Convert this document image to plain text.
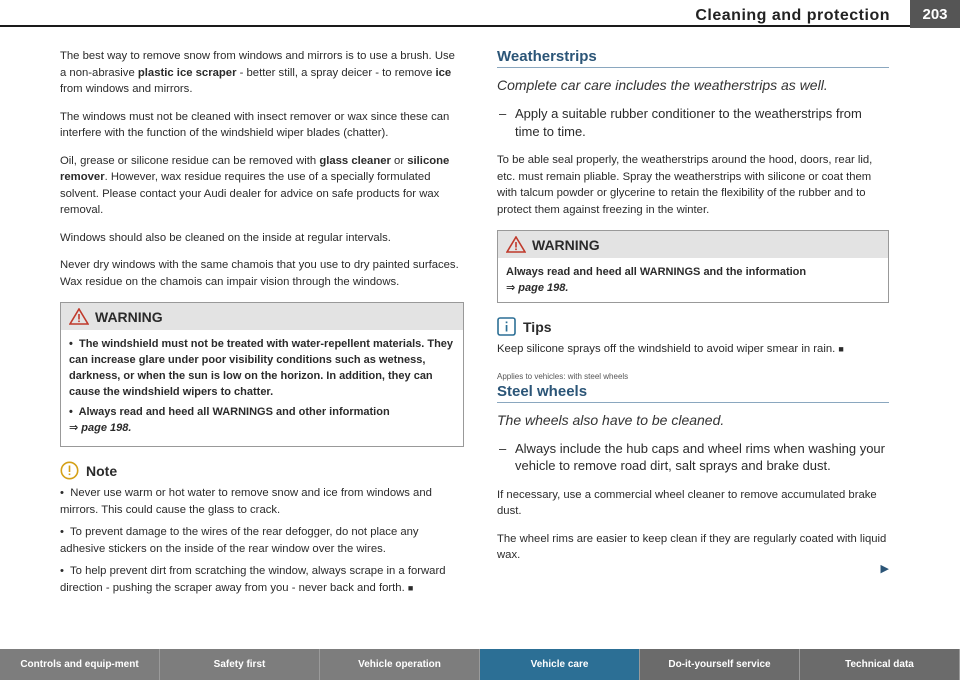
Cleaning and protection	203

The best way to remove snow from windows and mirrors is to use a brush. Use a non-abrasive plastic ice scraper - better still, a spray deicer - to remove ice from windows and mirrors.

The windows must not be cleaned with insect remover or wax since these can interfere with the function of the windshield wiper blades (chatter).

Oil, grease or silicone residue can be removed with glass cleaner or silicone remover. However, wax residue requires the use of a specially formulated solvent. Please contact your Audi dealer for advice on safe products for wax removal.

Windows should also be cleaned on the inside at regular intervals.

Never dry windows with the same chamois that you use to dry painted surfaces. Wax residue on the chamois can impair vision through the windows.

WARNING
•  The windshield must not be treated with water-repellent materials. They can increase glare under poor visibility conditions such as wetness, darkness, or when the sun is low on the horizon. In addition, they can cause the windshield wipers to chatter.
•  Always read and heed all WARNINGS and other information
⇒ page 198.
Note
•  Never use warm or hot water to remove snow and ice from windows and mirrors. This could cause the glass to crack.
•  To prevent damage to the wires of the rear defogger, do not place any adhesive stickers on the inside of the rear window over the wires.
•  To help prevent dirt from scratching the window, always scrape in a forward direction - pushing the scraper away from you - never back and forth. ■
Weatherstrips
Complete car care includes the weatherstrips as well.
– Apply a suitable rubber conditioner to the weatherstrips from time to time.

To be able seal properly, the weatherstrips around the hood, doors, rear lid, etc. must remain pliable. Spray the weatherstrips with silicone or coat them with talcum powder or glycerine to retain the flexibility of the rubber and to protect them against freezing in the winter.

WARNING
Always read and heed all WARNINGS and the information
⇒ page 198.
Tips

Keep silicone sprays off the windshield to avoid wiper smear in rain. ■

Applies to vehicles: with steel wheels
Steel wheels
The wheels also have to be cleaned.
– Always include the hub caps and wheel rims when washing your vehicle to remove road dirt, salt sprays and brake dust.

If necessary, use a commercial wheel cleaner to remove accumulated brake dust.

The wheel rims are easier to keep clean if they are regularly coated with liquid wax.

▶
Controls and equip-ment	Safety first	Vehicle operation	Vehicle care	Do-it-yourself service	Technical data
